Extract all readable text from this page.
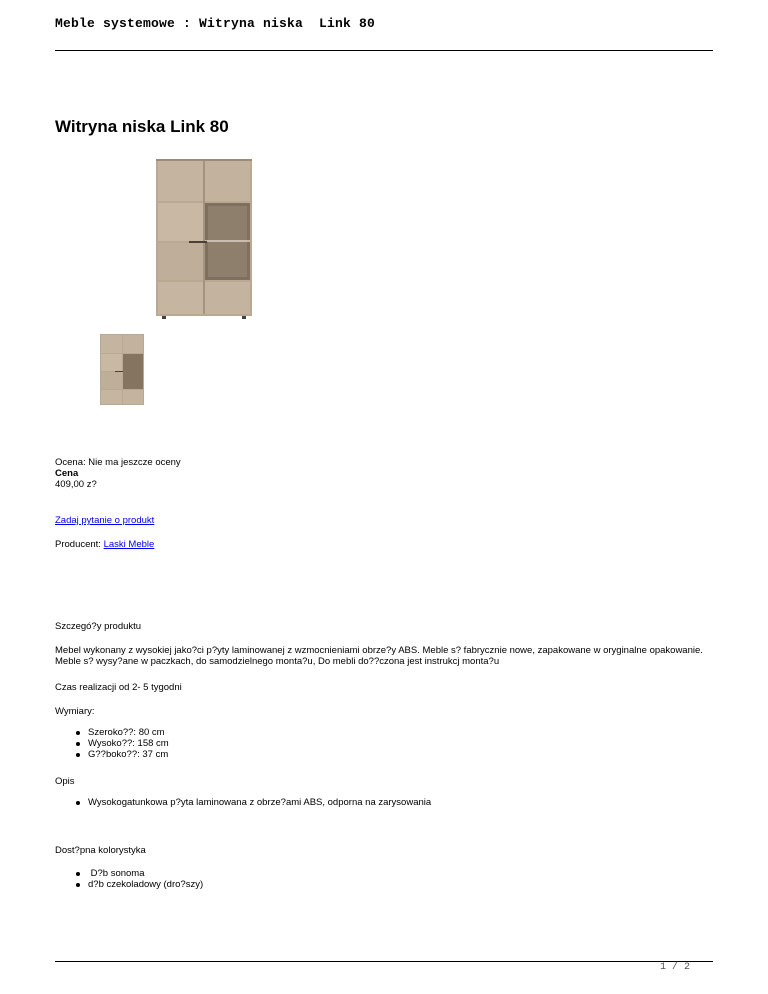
Meble systemowe : Witryna niska  Link 80
Witryna niska Link 80
Ocena: Nie ma jeszcze oceny
Cena
409,00 z?
Zadaj pytanie o produkt
Producent: Laski Meble
Szczegó?y produktu
Mebel wykonany z wysokiej jako?ci p?yty laminowanej z wzmocnieniami obrze?y ABS. Meble s? fabrycznie nowe, zapakowane w oryginalne opakowanie. Meble s? wysy?ane w paczkach, do samodzielnego monta?u, Do mebli do??czona jest instrukcj monta?u
Czas realizacji od 2- 5 tygodni
Wymiary:
Szeroko??: 80 cm
Wysoko??: 158 cm
G??boko??: 37 cm
Opis
Wysokogatunkowa p?yta laminowana z obrze?ami ABS, odporna na zarysowania
Dost?pna kolorystyka
D?b sonoma
d?b czekoladowy (dro?szy)
1 / 2
